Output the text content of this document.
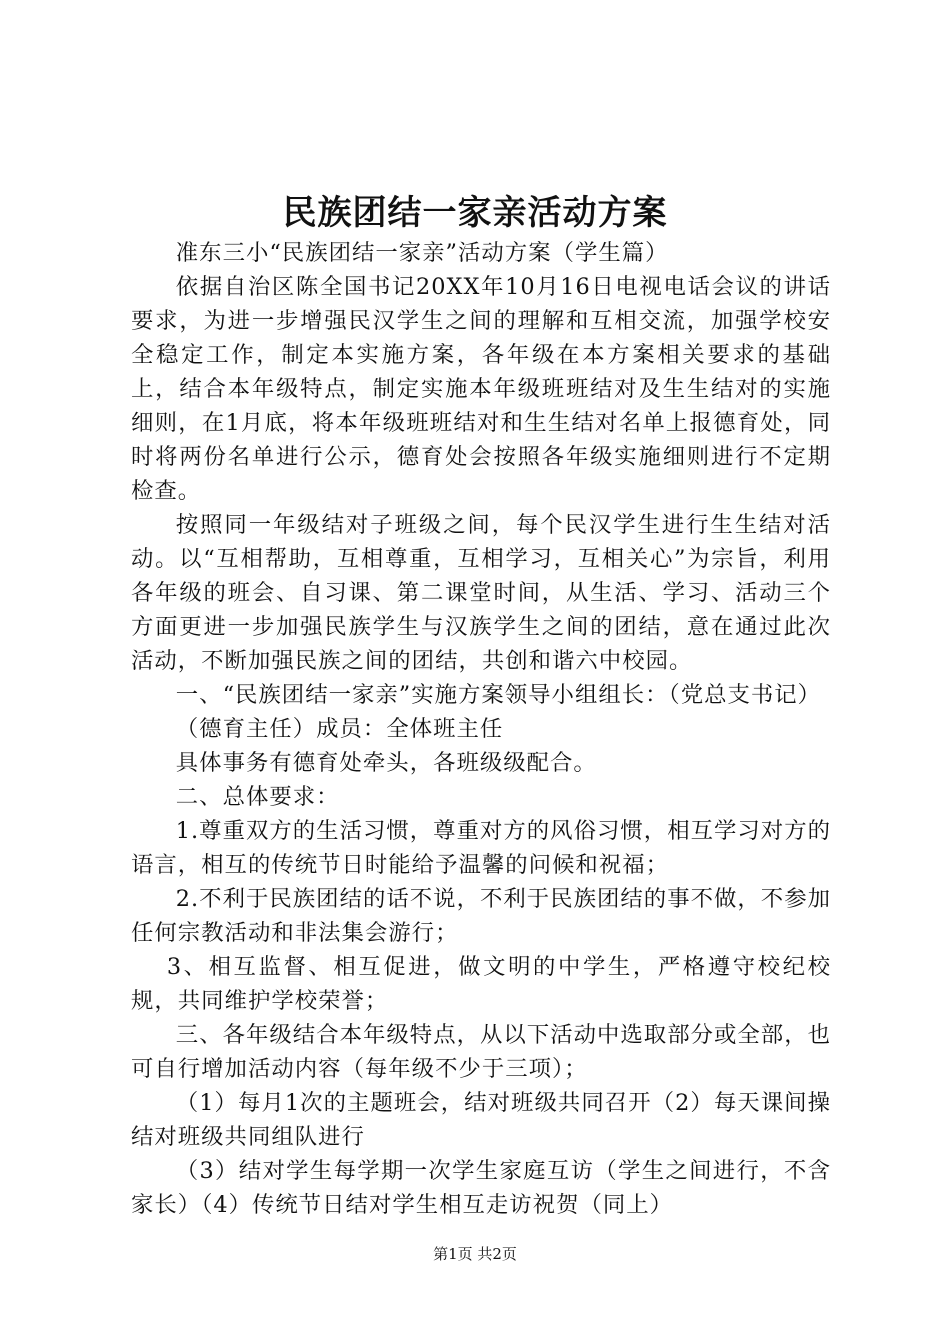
民族团结一家亲活动方案

准东三小“民族团结一家亲”活动方案（学生篇）

依据自治区陈全国书记20XX年10月16日电视电话会议的讲话要求，为进一步增强民汉学生之间的理解和互相交流，加强学校安全稳定工作，制定本实施方案，各年级在本方案相关要求的基础上，结合本年级特点，制定实施本年级班班结对及生生结对的实施细则，在1月底，将本年级班班结对和生生结对名单上报德育处，同时将两份名单进行公示，德育处会按照各年级实施细则进行不定期检查。

按照同一年级结对子班级之间，每个民汉学生进行生生结对活动。以“互相帮助，互相尊重，互相学习，互相关心”为宗旨，利用各年级的班会、自习课、第二课堂时间，从生活、学习、活动三个方面更进一步加强民族学生与汉族学生之间的团结，意在通过此次活动，不断加强民族之间的团结，共创和谐六中校园。

一、“民族团结一家亲”实施方案领导小组组长：（党总支书记）

（德育主任）成员：全体班主任

具体事务有德育处牵头，各班级级配合。

二、总体要求：

1.尊重双方的生活习惯，尊重对方的风俗习惯，相互学习对方的语言，相互的传统节日时能给予温馨的问候和祝福；

2.不利于民族团结的话不说，不利于民族团结的事不做，不参加任何宗教活动和非法集会游行；

3、相互监督、相互促进，做文明的中学生，严格遵守校纪校规，共同维护学校荣誉；

三、各年级结合本年级特点，从以下活动中选取部分或全部，也可自行增加活动内容（每年级不少于三项）；

（1）每月1次的主题班会，结对班级共同召开（2）每天课间操结对班级共同组队进行

（3）结对学生每学期一次学生家庭互访（学生之间进行，不含家长）（4）传统节日结对学生相互走访祝贺（同上）

第1页 共2页
